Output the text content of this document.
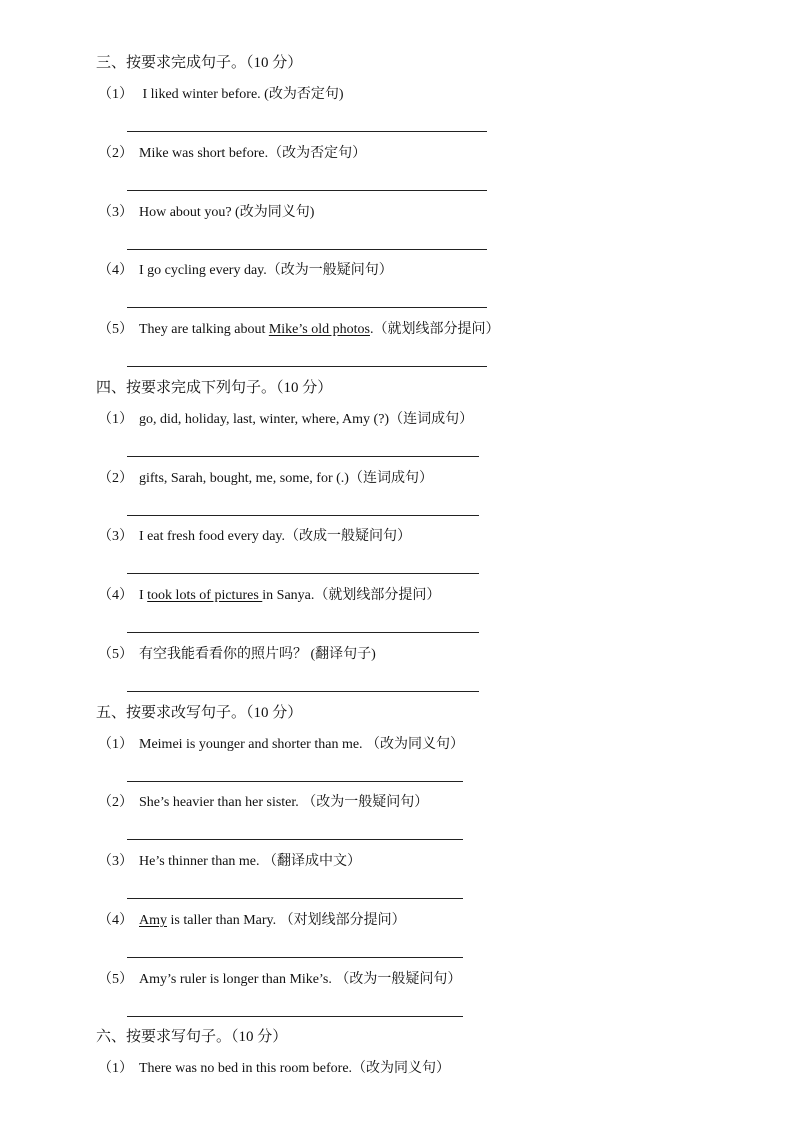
三、按要求完成句子。（10 分）
（1） I liked winter before. (改为否定句)
（2） Mike was short before.（改为否定句）
（3） How about you? (改为同义句)
（4） I go cycling every day.（改为一般疑问句）
（5） They are talking about Mike’s old photos.（就划线部分提问）
四、按要求完成下列句子。（10 分）
（1） go, did, holiday, last, winter, where, Amy (?)（连词成句）
（2） gifts, Sarah, bought, me, some, for (.)（连词成句）
（3） I eat fresh food every day.（改成一般疑问句）
（4） I took lots of pictures in Sanya.（就划线部分提问）
（5） 有空我能看看你的照片吗？ (翻译句子)
五、按要求改写句子。（10 分）
（1） Meimei is younger and shorter than me. （改为同义句）
（2） She’s heavier than her sister. （改为一般疑问句）
（3） He’s thinner than me. （翻译成中文）
（4） Amy is taller than Mary. （对划线部分提问）
（5） Amy’s ruler is longer than Mike’s. （改为一般疑问句）
六、按要求写句子。（10 分）
（1） There was no bed in this room before.（改为同义句）
